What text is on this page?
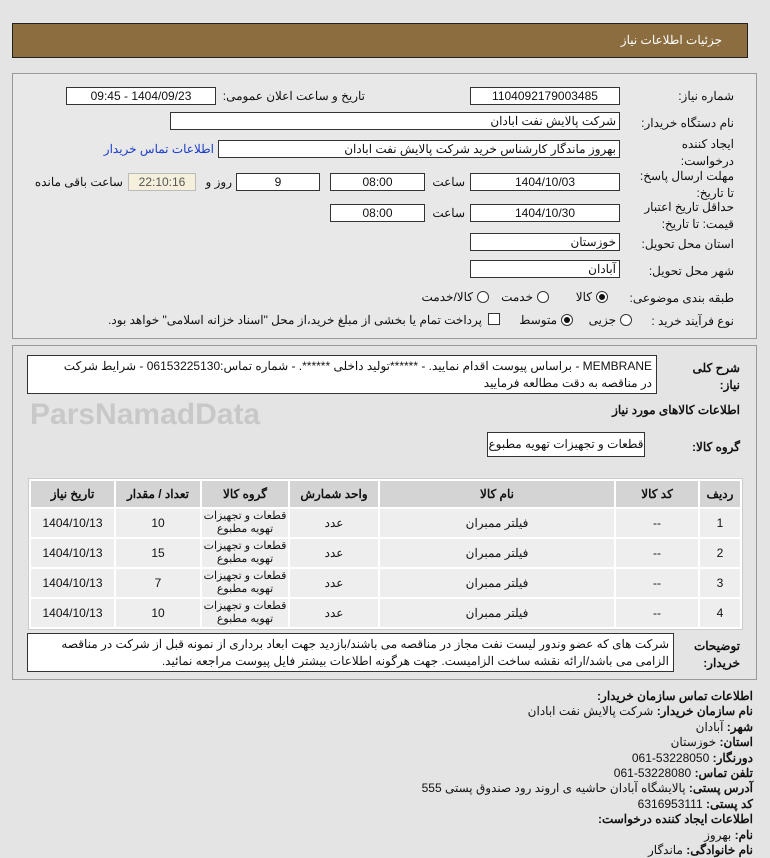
جزئیات اطلاعات نیاز
ParsNamadData
شماره نیاز:
1104092179003485
تاریخ و ساعت اعلان عمومی:
1404/09/23 - 09:45
نام دستگاه خریدار:
شرکت پالایش نفت ابادان
ایجاد کننده
درخواست:
بهروز ماندگار کارشناس خرید شرکت پالایش نفت ابادان
اطلاعات تماس خریدار
مهلت ارسال پاسخ:
تا تاریخ:
1404/10/03
ساعت
08:00
9
روز و
22:10:16
ساعت باقی مانده
حداقل تاریخ اعتبار
قیمت: تا تاریخ:
1404/10/30
ساعت
08:00
استان محل تحویل:
خوزستان
شهر محل تحویل:
آبادان
طبقه بندی موضوعی:
کالا
خدمت
کالا/خدمت
نوع فرآیند خرید :
جزیی
متوسط
پرداخت تمام یا بخشی از مبلغ خرید،از محل "اسناد خزانه اسلامی" خواهد بود.
شرح کلی
نیاز:
MEMBRANE - براساس پیوست اقدام نمایید. - ******تولید داخلی ******. - شماره تماس:06153225130 - شرایط شرکت
در مناقصه به دقت مطالعه فرمایید
اطلاعات کالاهای مورد نیاز
گروه کالا:
قطعات و تجهیزات تهویه مطبوع
ردیف	کد کالا	نام کالا	واحد شمارش	گروه کالا	تعداد / مقدار	تاریخ نیاز
1	--	فیلتر ممبران	عدد	قطعات و تجهیزات تهویه مطبوع	10	1404/10/13
2	--	فیلتر ممبران	عدد	قطعات و تجهیزات تهویه مطبوع	15	1404/10/13
3	--	فیلتر ممبران	عدد	قطعات و تجهیزات تهویه مطبوع	7	1404/10/13
4	--	فیلتر ممبران	عدد	قطعات و تجهیزات تهویه مطبوع	10	1404/10/13
توضیحات
خریدار:
شرکت های که عضو وندور لیست نفت مجاز در مناقصه می باشند/بازدید جهت ابعاد برداری از نمونه قبل از شرکت در مناقصه
الزامی می باشد/ارائه نقشه ساخت الزامیست. جهت هرگونه اطلاعات بیشتر فایل پیوست مراجعه نمائید.
اطلاعات تماس سازمان خریدار:
نام سازمان خریدار: شرکت پالایش نفت ابادان
شهر: آبادان
استان: خوزستان
دورنگار: 061-53228050
تلفن تماس: 061-53228080
آدرس پستی: پالایشگاه آبادان حاشیه ی اروند رود صندوق پستی 555
کد پستی: 6316953111
اطلاعات ایجاد کننده درخواست:
نام: بهروز
نام خانوادگی: ماندگار
